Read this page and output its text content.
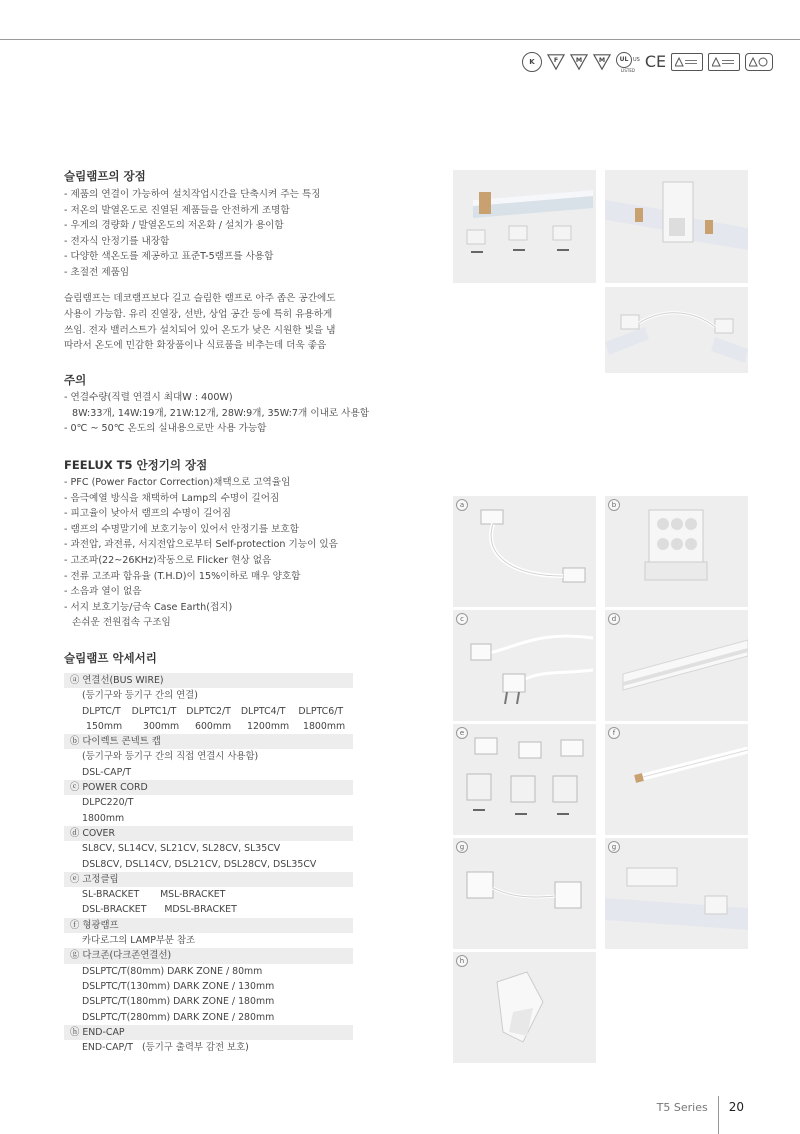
K	F	M M	UL US
LISTED CE
슬림램프의 장점
- 제품의 연결이 가능하여 설치작업시간을 단축시켜 주는 특징
- 저온의 발열온도로 진열된 제품들을 안전하게 조명함
- 우게의 경량화 / 발열온도의 저온화 / 설치가 용이함
- 전자식 안정기를 내장함
- 다양한 색온도를 제공하고 표준T-5램프를 사용함
- 초절전 제품임
슬림램프는 데코램프보다 길고 슬림한 램프로 아주 좁은 공간에도
사용이 가능함. 유리 진열장, 선반, 상업 공간 등에 특히 유용하게
쓰임. 전자 밸러스트가 설치되어 있어 온도가 낮은 시원한 빛을 냄
따라서 온도에 민감한 화장품이나 식료품을 비추는데 더욱 좋음
주의
- 연결수량(직렬 연결시 최대W : 400W)
8W:33개, 14W:19개, 21W:12개, 28W:9개, 35W:7개 이내로 사용함
- 0℃ ~ 50℃ 온도의 실내용으로만 사용 가능함
FEELUX T5 안정기의 장점
- PFC (Power Factor Correction)채택으로 고역율임
- 음극예열 방식을 채택하여 Lamp의 수명이 길어짐
- 피고율이 낮아서 램프의 수명이 길어짐
- 램프의 수명말기에 보호기능이 있어서 안정기를 보호함
- 과전압, 과전류, 서지전압으로부터 Self-protection 기능이 있음
- 고조파(22~26KHz)작동으로 Flicker 현상 없음
- 전류 고조파 함유율 (T.H.D)이 15%이하로 매우 양호함
- 소음과 열이 없음
- 서지 보호기능/금속 Case Earth(접지)
손쉬운 전원접속 구조임
슬림램프 악세서리
ⓐ 연결선(BUS WIRE)
(등기구와 등기구 간의 연결)
DLPTC/T	DLPTC1/T	DLPTC2/T	DLPTC4/T	DLPTC6/T
150mm	300mm	600mm	1200mm	1800mm
ⓑ 다이렉트 콘넥트 캡
(등기구와 등기구 간의 직접 연결시 사용함)
DSL-CAP/T
ⓒ POWER CORD
DLPC220/T
1800mm
ⓓ COVER
SL8CV, SL14CV, SL21CV, SL28CV, SL35CV
DSL8CV, DSL14CV, DSL21CV, DSL28CV, DSL35CV
ⓔ 고정클립
SL-BRACKET       MSL-BRACKET
DSL-BRACKET      MDSL-BRACKET
ⓕ 형광램프
카다로그의 LAMP부분 참조
ⓖ 다크존(다크존연결선)
DSLPTC/T(80mm) DARK ZONE / 80mm
DSLPTC/T(130mm) DARK ZONE / 130mm
DSLPTC/T(180mm) DARK ZONE / 180mm
DSLPTC/T(280mm) DARK ZONE / 280mm
ⓗ END-CAP
END-CAP/T   (등기구 출력부 감전 보호)
a	b
c	d
e	f
g	g
h
T5 Series 20
